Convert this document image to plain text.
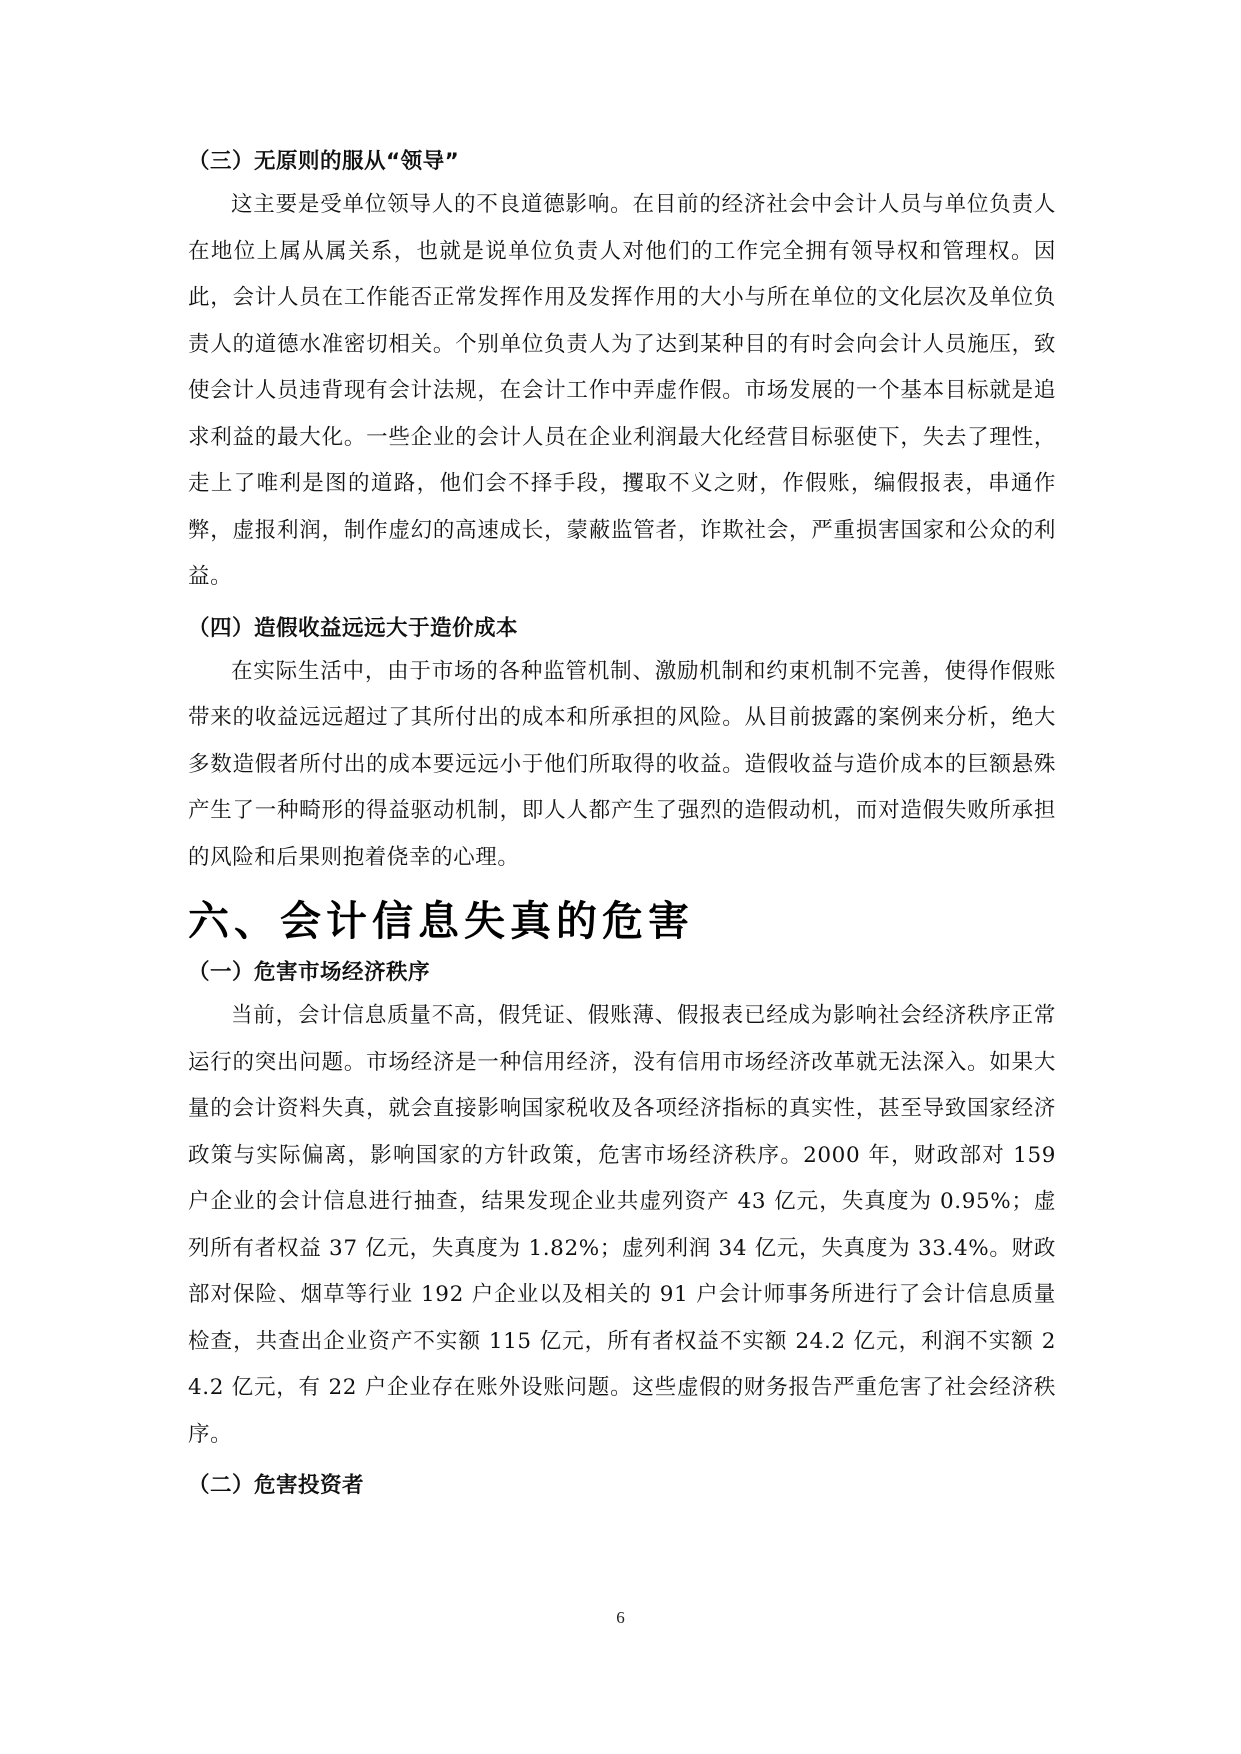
（三）无原则的服从“领导”

这主要是受单位领导人的不良道德影响。在目前的经济社会中会计人员与单位负责人在地位上属从属关系，也就是说单位负责人对他们的工作完全拥有领导权和管理权。因此，会计人员在工作能否正常发挥作用及发挥作用的大小与所在单位的文化层次及单位负责人的道德水准密切相关。个别单位负责人为了达到某种目的有时会向会计人员施压，致使会计人员违背现有会计法规，在会计工作中弄虚作假。市场发展的一个基本目标就是追求利益的最大化。一些企业的会计人员在企业利润最大化经营目标驱使下，失去了理性，走上了唯利是图的道路，他们会不择手段，攫取不义之财，作假账，编假报表，串通作弊，虚报利润，制作虚幻的高速成长，蒙蔽监管者，诈欺社会，严重损害国家和公众的利益。

（四）造假收益远远大于造价成本

在实际生活中，由于市场的各种监管机制、激励机制和约束机制不完善，使得作假账带来的收益远远超过了其所付出的成本和所承担的风险。从目前披露的案例来分析，绝大多数造假者所付出的成本要远远小于他们所取得的收益。造假收益与造价成本的巨额悬殊产生了一种畸形的得益驱动机制，即人人都产生了强烈的造假动机，而对造假失败所承担的风险和后果则抱着侥幸的心理。

六、会计信息失真的危害
（一）危害市场经济秩序

当前，会计信息质量不高，假凭证、假账薄、假报表已经成为影响社会经济秩序正常运行的突出问题。市场经济是一种信用经济，没有信用市场经济改革就无法深入。如果大量的会计资料失真，就会直接影响国家税收及各项经济指标的真实性，甚至导致国家经济政策与实际偏离，影响国家的方针政策，危害市场经济秩序。2000 年，财政部对 159 户企业的会计信息进行抽查，结果发现企业共虚列资产 43 亿元，失真度为 0.95%；虚列所有者权益 37 亿元，失真度为 1.82%；虚列利润 34 亿元，失真度为 33.4%。财政部对保险、烟草等行业 192 户企业以及相关的 91 户会计师事务所进行了会计信息质量检查，共查出企业资产不实额 115 亿元，所有者权益不实额 24.2 亿元，利润不实额 24.2 亿元，有 22 户企业存在账外设账问题。这些虚假的财务报告严重危害了社会经济秩序。

（二）危害投资者
6
